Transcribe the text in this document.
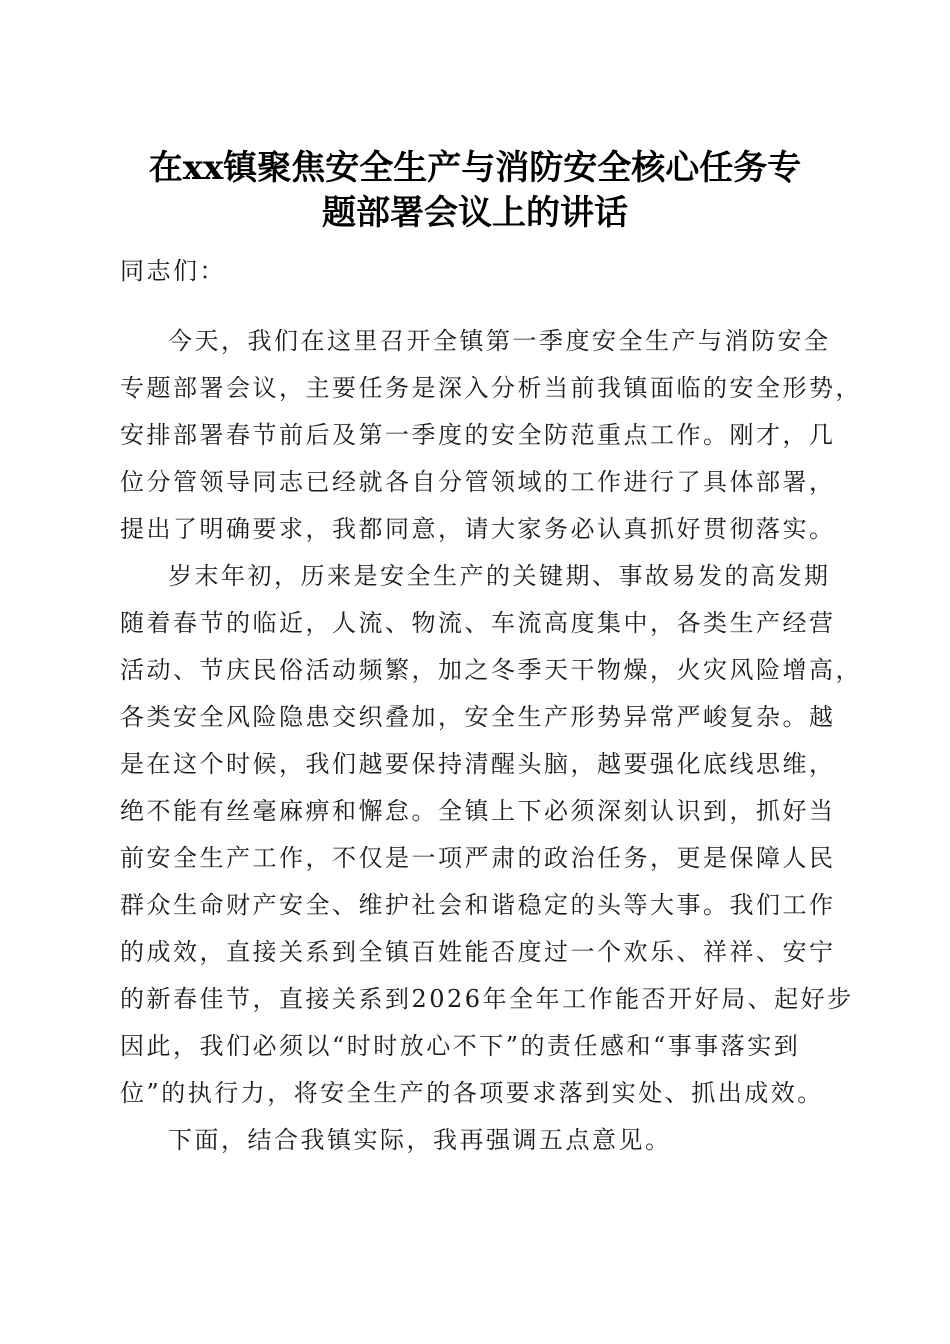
在xx镇聚焦安全生产与消防安全核心任务专
题部署会议上的讲话
同志们：
今天，我们在这里召开全镇第一季度安全生产与消防安全
专题部署会议，主要任务是深入分析当前我镇面临的安全形势，
安排部署春节前后及第一季度的安全防范重点工作。刚才，几
位分管领导同志已经就各自分管领域的工作进行了具体部署，
提出了明确要求，我都同意，请大家务必认真抓好贯彻落实。
岁末年初，历来是安全生产的关键期、事故易发的高发期
随着春节的临近，人流、物流、车流高度集中，各类生产经营
活动、节庆民俗活动频繁，加之冬季天干物燥，火灾风险增高，
各类安全风险隐患交织叠加，安全生产形势异常严峻复杂。越
是在这个时候，我们越要保持清醒头脑，越要强化底线思维，
绝不能有丝毫麻痹和懈怠。全镇上下必须深刻认识到，抓好当
前安全生产工作，不仅是一项严肃的政治任务，更是保障人民
群众生命财产安全、维护社会和谐稳定的头等大事。我们工作
的成效，直接关系到全镇百姓能否度过一个欢乐、祥祥、安宁
的新春佳节，直接关系到2026年全年工作能否开好局、起好步
因此，我们必须以“时时放心不下”的责任感和“事事落实到
位”的执行力，将安全生产的各项要求落到实处、抓出成效。
下面，结合我镇实际，我再强调五点意见。
